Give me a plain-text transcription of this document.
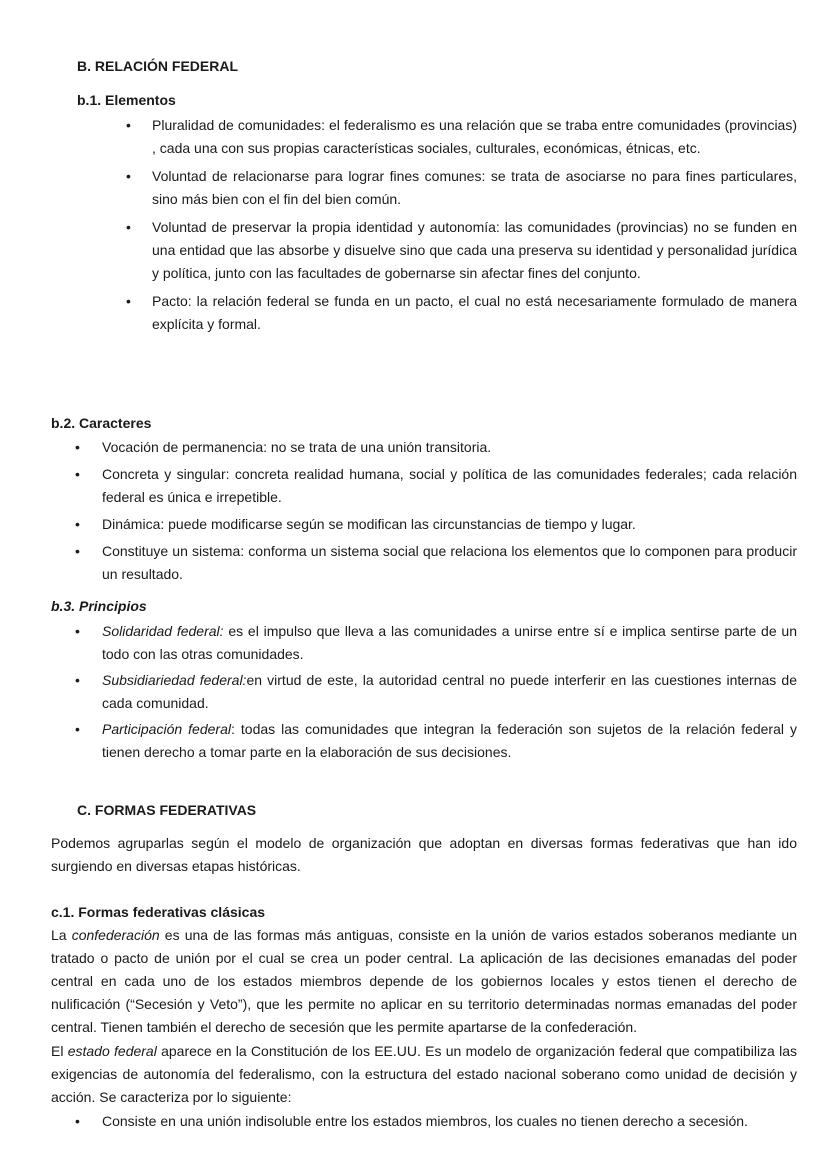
B. RELACIÓN FEDERAL
b.1. Elementos
• Pluralidad de comunidades: el federalismo es una relación que se traba entre comunidades (provincias) , cada una con sus propias características sociales, culturales, económicas, étnicas, etc.
• Voluntad de relacionarse para lograr fines comunes: se trata de asociarse no para fines particulares, sino más bien con el fin del bien común.
• Voluntad de preservar la propia identidad y autonomía: las comunidades (provincias) no se funden en una entidad que las absorbe y disuelve sino que cada una preserva su identidad y personalidad jurídica y política, junto con las facultades de gobernarse sin afectar fines del conjunto.
• Pacto: la relación federal se funda en un pacto, el cual no está necesariamente formulado de manera explícita y formal.
b.2. Caracteres
• Vocación de permanencia: no se trata de una unión transitoria.
• Concreta y singular: concreta realidad humana, social y política de las comunidades federales; cada relación federal es única e irrepetible.
• Dinámica: puede modificarse según se modifican las circunstancias de tiempo y lugar.
• Constituye un sistema: conforma un sistema social que relaciona los elementos que lo componen para producir un resultado.
b.3. Principios
• Solidaridad federal: es el impulso que lleva a las comunidades a unirse entre sí e implica sentirse parte de un todo con las otras comunidades.
• Subsidiariedad federal:en virtud de este, la autoridad central no puede interferir en las cuestiones internas de cada comunidad.
• Participación federal: todas las comunidades que integran la federación son sujetos de la relación federal y tienen derecho a tomar parte en la elaboración de sus decisiones.
C. FORMAS FEDERATIVAS
Podemos agruparlas según el modelo de organización que adoptan en diversas formas federativas que han ido surgiendo en diversas etapas históricas.
c.1. Formas federativas clásicas
La confederación es una de las formas más antiguas, consiste en la unión de varios estados soberanos mediante un tratado o pacto de unión por el cual se crea un poder central. La aplicación de las decisiones emanadas del poder central en cada uno de los estados miembros depende de los gobiernos locales y estos tienen el derecho de nulificación (“Secesión y Veto”), que les permite no aplicar en su territorio determinadas normas emanadas del poder central. Tienen también el derecho de secesión que les permite apartarse de la confederación.
El estado federal aparece en la Constitución de los EE.UU. Es un modelo de organización federal que compatibiliza las exigencias de autonomía del federalismo, con la estructura del estado nacional soberano como unidad de decisión y acción. Se caracteriza por lo siguiente:
• Consiste en una unión indisoluble entre los estados miembros, los cuales no tienen derecho a secesión.
